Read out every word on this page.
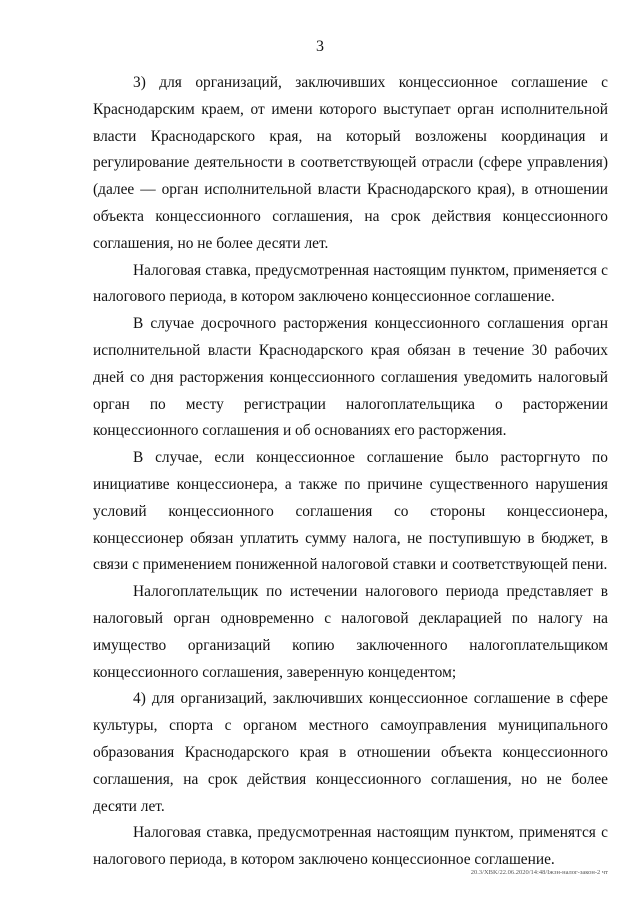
3

3) для организаций, заключивших концессионное соглашение с Краснодарским краем, от имени которого выступает орган исполнительной власти Краснодарского края, на который возложены координация и регулирование деятельности в соответствующей отрасли (сфере управления) (далее — орган исполнительной власти Краснодарского края), в отношении объекта концессионного соглашения, на срок действия концессионного соглашения, но не более десяти лет.

Налоговая ставка, предусмотренная настоящим пунктом, применяется с налогового периода, в котором заключено концессионное соглашение.

В случае досрочного расторжения концессионного соглашения орган исполнительной власти Краснодарского края обязан в течение 30 рабочих дней со дня расторжения концессионного соглашения уведомить налоговый орган по месту регистрации налогоплательщика о расторжении концессионного соглашения и об основаниях его расторжения.

В случае, если концессионное соглашение было расторгнуто по инициативе концессионера, а также по причине существенного нарушения условий концессионного соглашения со стороны концессионера, концессионер обязан уплатить сумму налога, не поступившую в бюджет, в связи с применением пониженной налоговой ставки и соответствующей пени.

Налогоплательщик по истечении налогового периода представляет в налоговый орган одновременно с налоговой декларацией по налогу на имущество организаций копию заключенного налогоплательщиком концессионного соглашения, заверенную концедентом;

4) для организаций, заключивших концессионное соглашение в сфере культуры, спорта с органом местного самоуправления муниципального образования Краснодарского края в отношении объекта концессионного соглашения, на срок действия концессионного соглашения, но не более десяти лет.

Налоговая ставка, предусмотренная настоящим пунктом, применятся с налогового периода, в котором заключено концессионное соглашение.

20.3/XBK/22.06.2020/14:48/Іжзн-налог-закон-2 чт
